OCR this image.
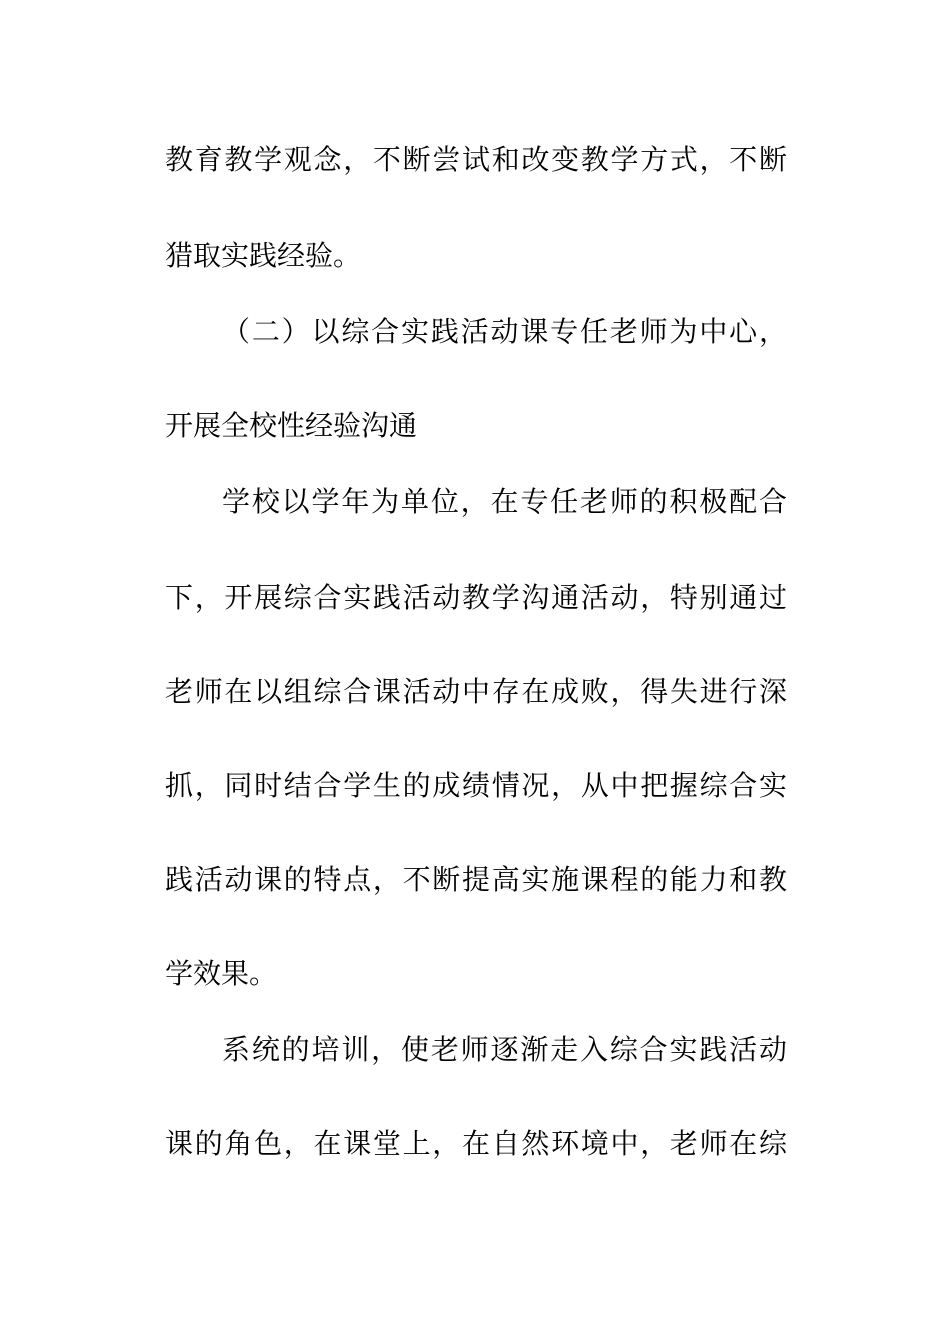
教育教学观念，不断尝试和改变教学方式，不断
猎取实践经验。
（二）以综合实践活动课专任老师为中心，
开展全校性经验沟通
学校以学年为单位，在专任老师的积极配合
下，开展综合实践活动教学沟通活动，特别通过
老师在以组综合课活动中存在成败，得失进行深
抓，同时结合学生的成绩情况，从中把握综合实
践活动课的特点，不断提高实施课程的能力和教
学效果。
系统的培训，使老师逐渐走入综合实践活动
课的角色，在课堂上，在自然环境中，老师在综
